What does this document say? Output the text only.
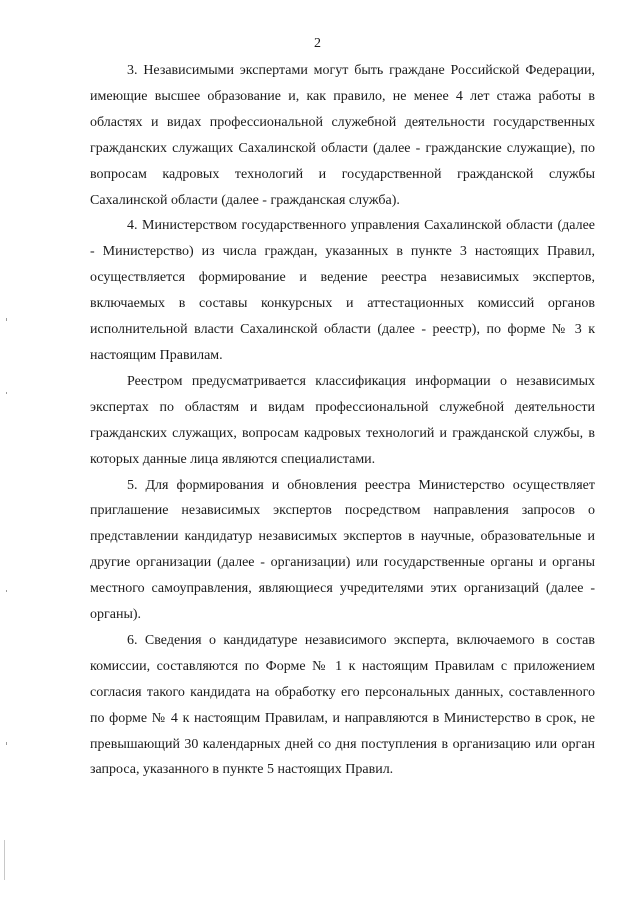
2

3. Независимыми экспертами могут быть граждане Российской Федерации, имеющие высшее образование и, как правило, не менее 4 лет стажа работы в областях и видах профессиональной служебной деятельности государственных гражданских служащих Сахалинской области (далее - гражданские служащие), по вопросам кадровых технологий и государственной гражданской службы Сахалинской области (далее - гражданская служба).

4. Министерством государственного управления Сахалинской области (далее - Министерство) из числа граждан, указанных в пункте 3 настоящих Правил, осуществляется формирование и ведение реестра независимых экспертов, включаемых в составы конкурсных и аттестационных комиссий органов исполнительной власти Сахалинской области (далее - реестр), по форме № 3 к настоящим Правилам.

Реестром предусматривается классификация информации о независимых экспертах по областям и видам профессиональной служебной деятельности гражданских служащих, вопросам кадровых технологий и гражданской службы, в которых данные лица являются специалистами.

5. Для формирования и обновления реестра Министерство осуществляет приглашение независимых экспертов посредством направления запросов о представлении кандидатур независимых экспертов в научные, образовательные и другие организации (далее - организации) или государственные органы и органы местного самоуправления, являющиеся учредителями этих организаций (далее - органы).

6. Сведения о кандидатуре независимого эксперта, включаемого в состав комиссии, составляются по Форме № 1 к настоящим Правилам с приложением согласия такого кандидата на обработку его персональных данных, составленного по форме № 4 к настоящим Правилам, и направляются в Министерство в срок, не превышающий 30 календарных дней со дня поступления в организацию или орган запроса, указанного в пункте 5 настоящих Правил.
